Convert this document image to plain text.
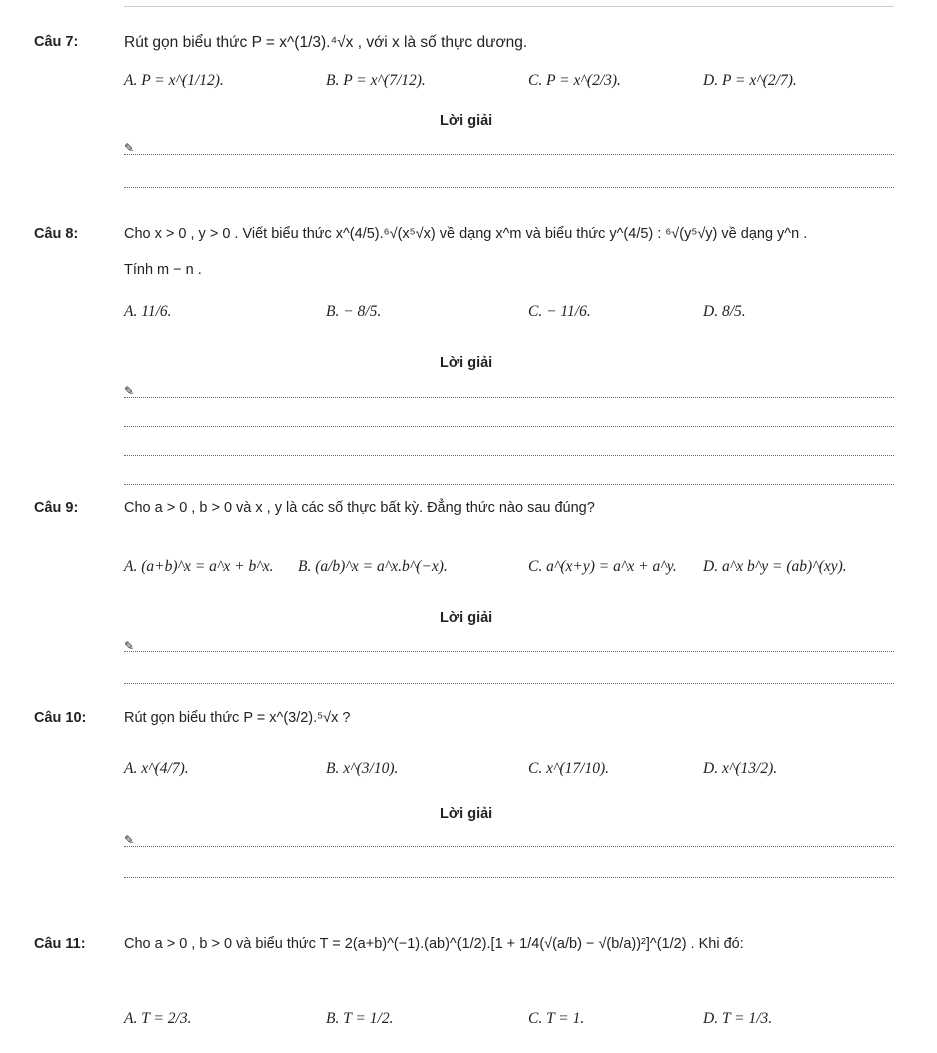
Câu 7:	Rút gọn biểu thức P = x^(1/3).⁴√x , với x là số thực dương.
A. P = x^(1/12).	B. P = x^(7/12).	C. P = x^(2/3).	D. P = x^(2/7).
Lời giải
✎
Câu 8:	Cho x > 0 , y > 0 . Viết biểu thức x^(4/5).⁶√(x⁵√x) về dạng x^m và biểu thức y^(4/5) : ⁶√(y⁵√y) về dạng y^n .
Tính m − n .
A. 11/6.	B. − 8/5.	C. − 11/6.	D. 8/5.
Lời giải
✎
Câu 9:	Cho a > 0 , b > 0 và x , y là các số thực bất kỳ. Đẳng thức nào sau đúng?
A. (a+b)^x = a^x + b^x. B. (a/b)^x = a^x.b^(−x).	C. a^(x+y) = a^x + a^y. D. a^x b^y = (ab)^(xy).
Lời giải
✎
Câu 10:	Rút gọn biểu thức P = x^(3/2).⁵√x ?
A. x^(4/7).	B. x^(3/10).	C. x^(17/10).	D. x^(13/2).
Lời giải
✎
Câu 11:	Cho a > 0 , b > 0 và biểu thức T = 2(a+b)^(−1).(ab)^(1/2).[1 + 1/4(√(a/b) − √(b/a))²]^(1/2) . Khi đó:
A. T = 2/3.	B. T = 1/2.	C. T = 1.	D. T = 1/3.
